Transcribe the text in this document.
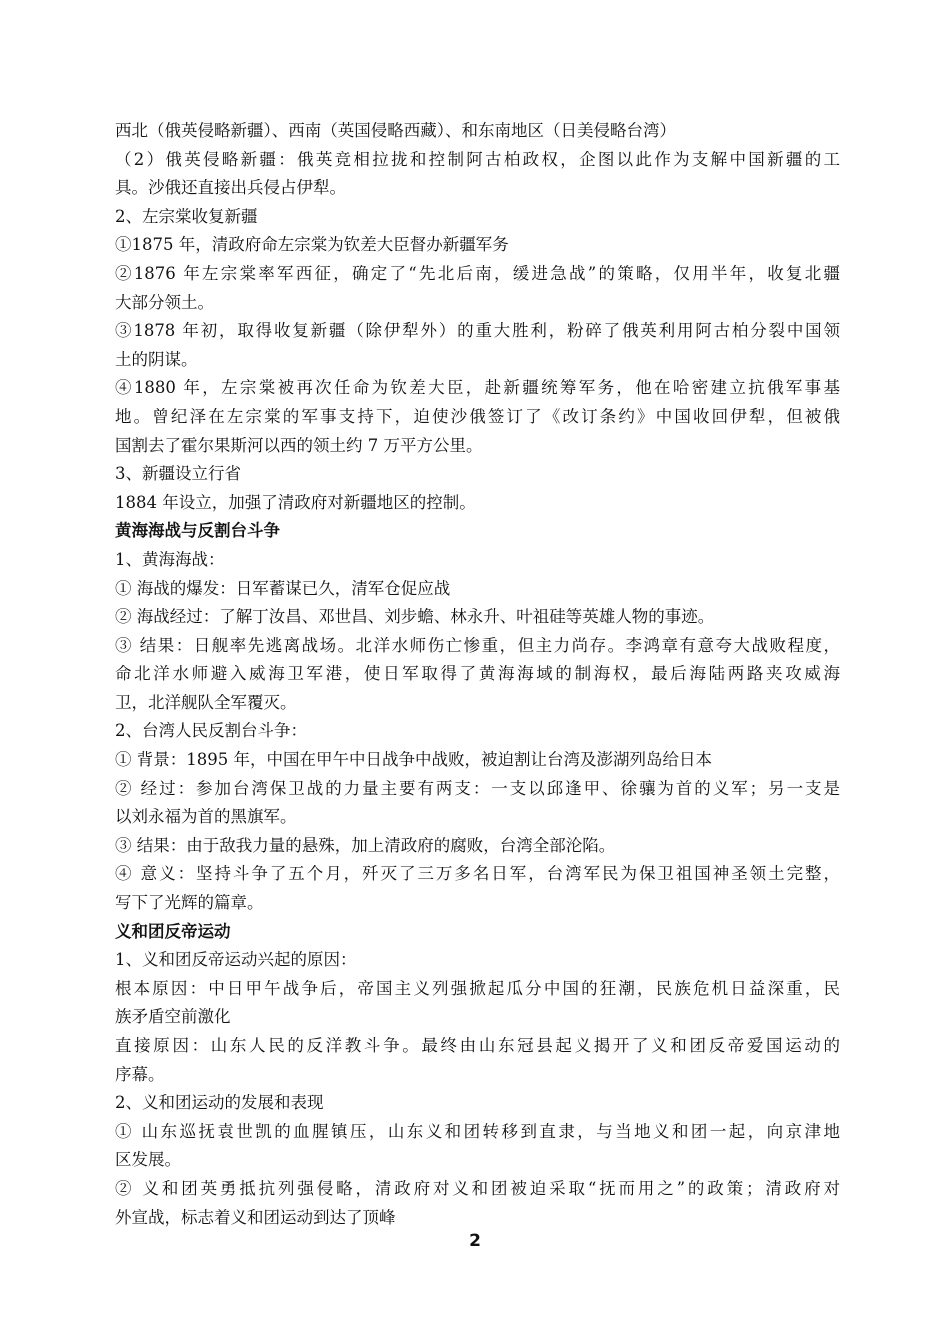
西北（俄英侵略新疆）、西南（英国侵略西藏）、和东南地区（日美侵略台湾）
（2）俄英侵略新疆：俄英竞相拉拢和控制阿古柏政权，企图以此作为支解中国新疆的工
具。沙俄还直接出兵侵占伊犁。
2、左宗棠收复新疆
①1875 年，清政府命左宗棠为钦差大臣督办新疆军务
②1876 年左宗棠率军西征，确定了“先北后南，缓进急战”的策略，仅用半年，收复北疆
大部分领土。
③1878 年初，取得收复新疆（除伊犁外）的重大胜利，粉碎了俄英利用阿古柏分裂中国领
土的阴谋。
④1880 年，左宗棠被再次任命为钦差大臣，赴新疆统筹军务，他在哈密建立抗俄军事基
地。曾纪泽在左宗棠的军事支持下，迫使沙俄签订了《改订条约》中国收回伊犁，但被俄
国割去了霍尔果斯河以西的领土约 7 万平方公里。
3、新疆设立行省
1884 年设立，加强了清政府对新疆地区的控制。
黄海海战与反割台斗争
1、黄海海战：
① 海战的爆发：日军蓄谋已久，清军仓促应战
② 海战经过：了解丁汝昌、邓世昌、刘步蟾、林永升、叶祖硅等英雄人物的事迹。
③ 结果：日舰率先逃离战场。北洋水师伤亡惨重，但主力尚存。李鸿章有意夸大战败程度，
命北洋水师避入威海卫军港，使日军取得了黄海海域的制海权，最后海陆两路夹攻威海
卫，北洋舰队全军覆灭。
2、台湾人民反割台斗争：
① 背景：1895 年，中国在甲午中日战争中战败，被迫割让台湾及澎湖列岛给日本
② 经过：参加台湾保卫战的力量主要有两支：一支以邱逢甲、徐骧为首的义军；另一支是
以刘永福为首的黑旗军。
③ 结果：由于敌我力量的悬殊，加上清政府的腐败，台湾全部沦陷。
④ 意义：坚持斗争了五个月，歼灭了三万多名日军，台湾军民为保卫祖国神圣领土完整，
写下了光辉的篇章。
义和团反帝运动
1、义和团反帝运动兴起的原因：
根本原因：中日甲午战争后，帝国主义列强掀起瓜分中国的狂潮，民族危机日益深重，民
族矛盾空前激化
直接原因：山东人民的反洋教斗争。最终由山东冠县起义揭开了义和团反帝爱国运动的
序幕。
2、义和团运动的发展和表现
① 山东巡抚袁世凯的血腥镇压，山东义和团转移到直隶，与当地义和团一起，向京津地
区发展。
② 义和团英勇抵抗列强侵略，清政府对义和团被迫采取“抚而用之”的政策；清政府对
外宣战，标志着义和团运动到达了顶峰
2
